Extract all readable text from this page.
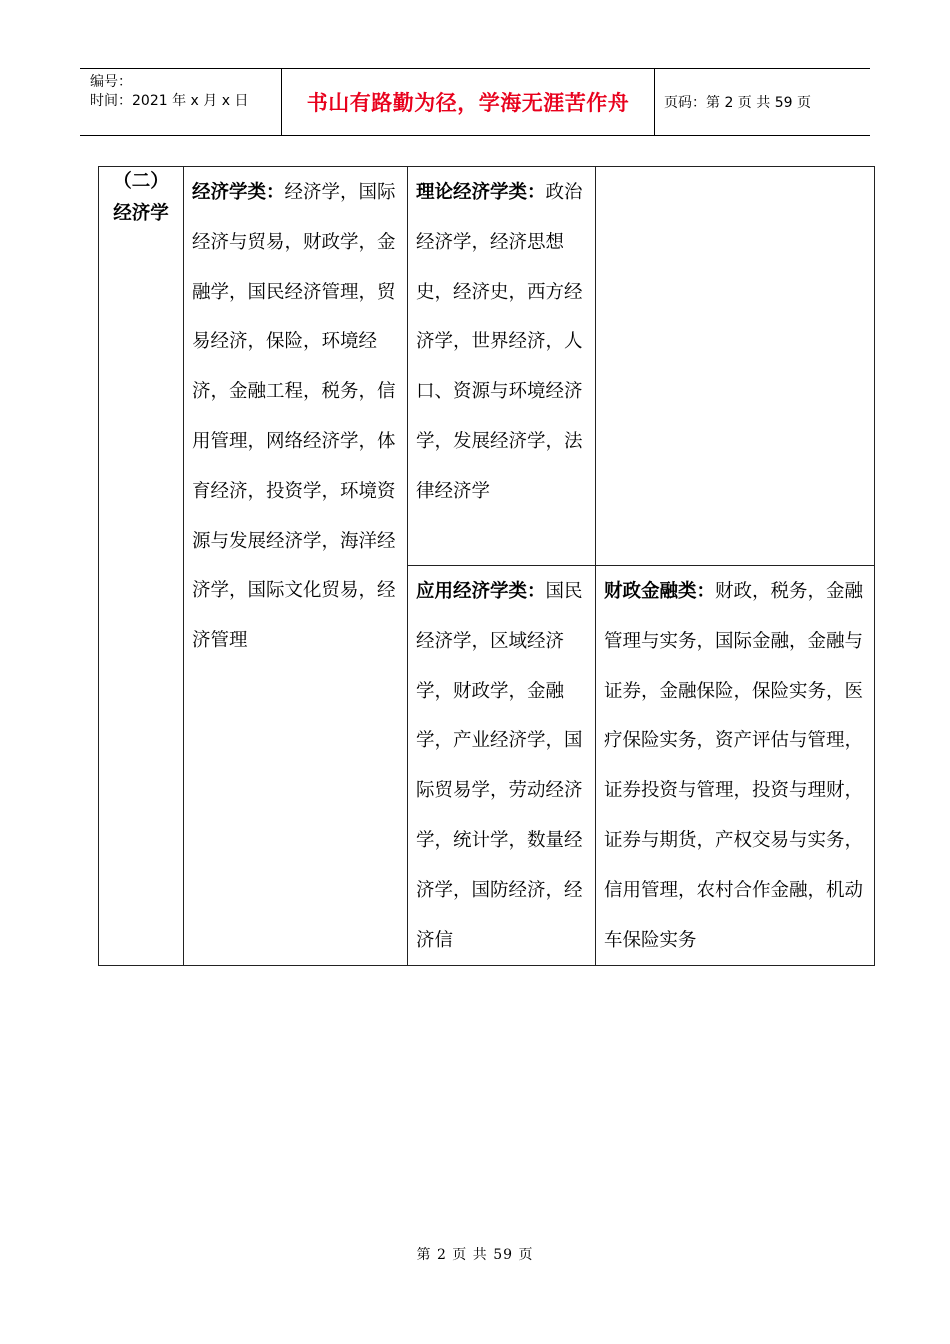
编号：
时间：2021 年 x 月 x 日	书山有路勤为径，学海无涯苦作舟	页码：第 2 页 共 59 页
（二）
经济学	经济学类：经济学，国际经济与贸易，财政学，金融学，国民经济管理，贸易经济，保险，环境经济，金融工程，税务，信用管理，网络经济学，体育经济，投资学，环境资源与发展经济学，海洋经济学，国际文化贸易，经济管理	理论经济学类：政治经济学，经济思想史，经济史，西方经济学，世界经济，人口、资源与环境经济学，发展经济学，法律经济学	

		应用经济学类：国民经济学，区域经济学，财政学，金融学，产业经济学，国际贸易学，劳动经济学，统计学，数量经济学，国防经济，经济信	财政金融类：财政，税务，金融管理与实务，国际金融，金融与证券，金融保险，保险实务，医疗保险实务，资产评估与管理，证券投资与管理，投资与理财，证券与期货，产权交易与实务，信用管理，农村合作金融，机动车保险实务
第 2 页 共 59 页
